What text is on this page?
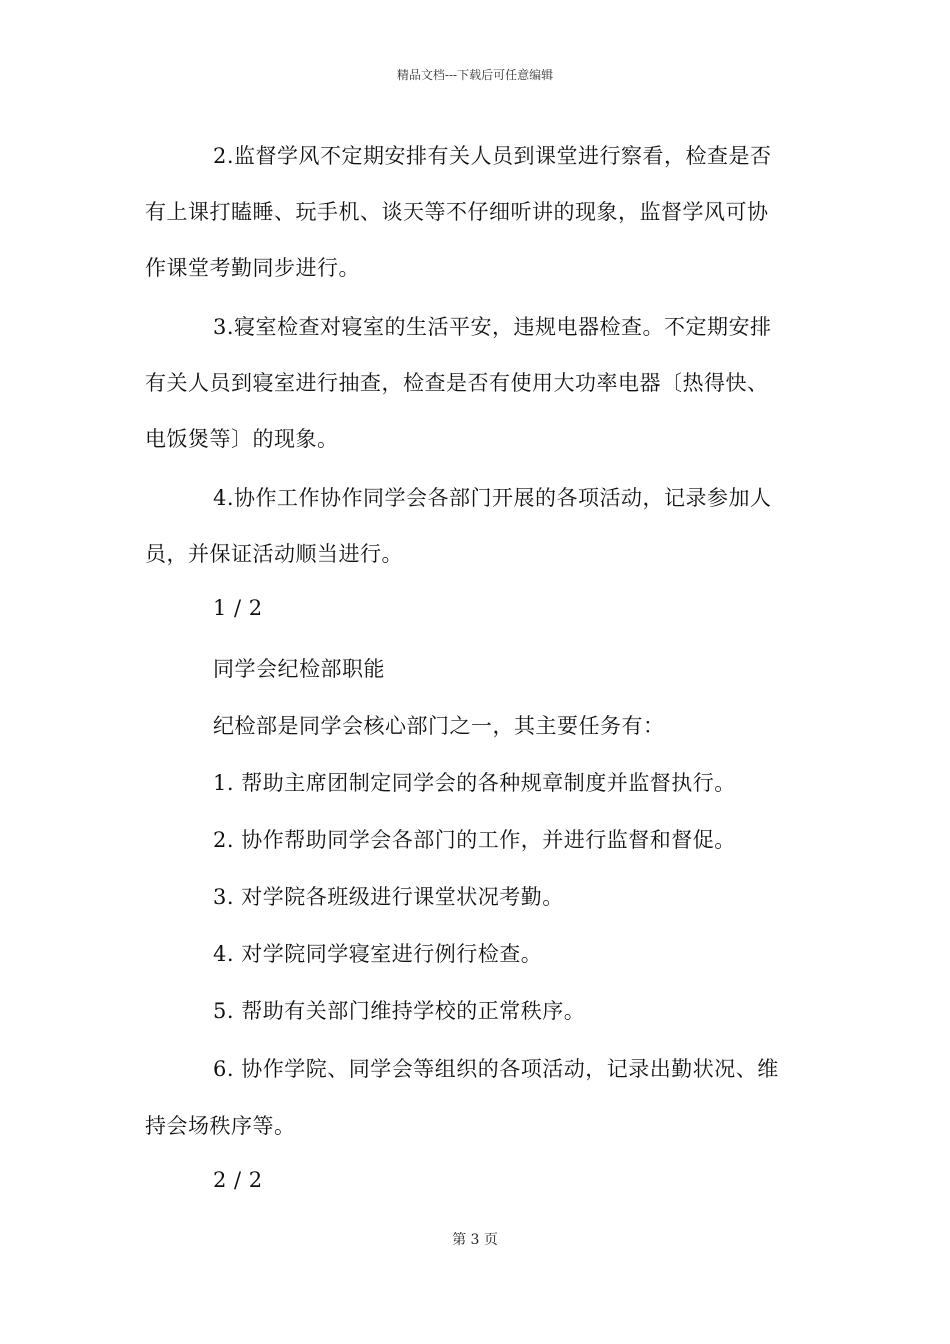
精品文档---下载后可任意编辑
2.监督学风不定期安排有关人员到课堂进行察看，检查是否
有上课打瞌睡、玩手机、谈天等不仔细听讲的现象，监督学风可协
作课堂考勤同步进行。
3.寝室检查对寝室的生活平安，违规电器检查。不定期安排
有关人员到寝室进行抽查，检查是否有使用大功率电器〔热得快、
电饭煲等〕的现象。
4.协作工作协作同学会各部门开展的各项活动，记录参加人
员，并保证活动顺当进行。
1 / 2
同学会纪检部职能
纪检部是同学会核心部门之一，其主要任务有：
1. 帮助主席团制定同学会的各种规章制度并监督执行。
2. 协作帮助同学会各部门的工作，并进行监督和督促。
3. 对学院各班级进行课堂状况考勤。
4. 对学院同学寝室进行例行检查。
5. 帮助有关部门维持学校的正常秩序。
6. 协作学院、同学会等组织的各项活动，记录出勤状况、维
持会场秩序等。
2 / 2
第 3 页
